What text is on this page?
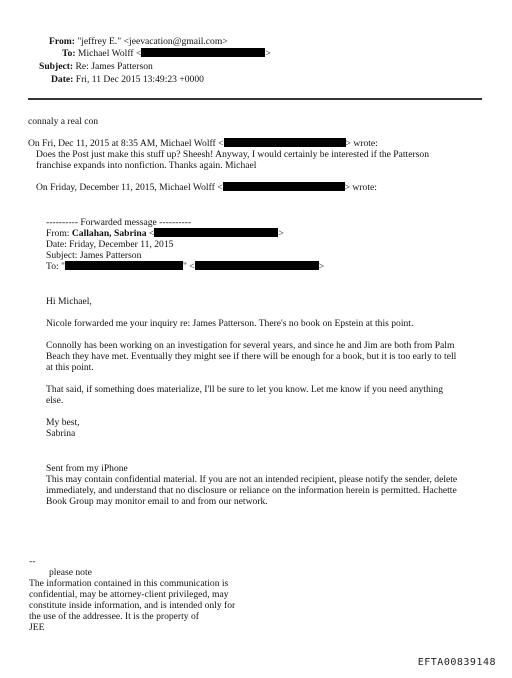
From: "jeffrey E." <jeevacation@gmail.com>
To: Michael Wolff <	>
Subject: Re: James Patterson
Date: Fri, 11 Dec 2015 13:49:23 +0000
connaly a real con
On Fri, Dec 11, 2015 at 8:35 AM, Michael Wolff <	> wrote:
Does the Post just make this stuff up? Sheesh! Anyway, I would certainly be interested if the Patterson
franchise expands into nonfiction. Thanks again. Michael
On Friday, December 11, 2015, Michael Wolff <	> wrote:
---------- Forwarded message ----------
From: Callahan, Sabrina <	>
Date: Friday, December 11, 2015
Subject: James Patterson
To: "	" <	>
Hi Michael,
Nicole forwarded me your inquiry re: James Patterson. There's no book on Epstein at this point.
Connolly has been working on an investigation for several years, and since he and Jim are both from Palm
Beach they have met. Eventually they might see if there will be enough for a book, but it is too early to tell
at this point.
That said, if something does materialize, I'll be sure to let you know. Let me know if you need anything
else.
My best,
Sabrina
Sent from my iPhone
This may contain confidential material. If you are not an intended recipient, please notify the sender, delete
immediately, and understand that no disclosure or reliance on the information herein is permitted. Hachette
Book Group may monitor email to and from our network.
--
please note
The information contained in this communication is
confidential, may be attorney-client privileged, may
constitute inside information, and is intended only for
the use of the addressee. It is the property of
JEE
EFTA00839148
